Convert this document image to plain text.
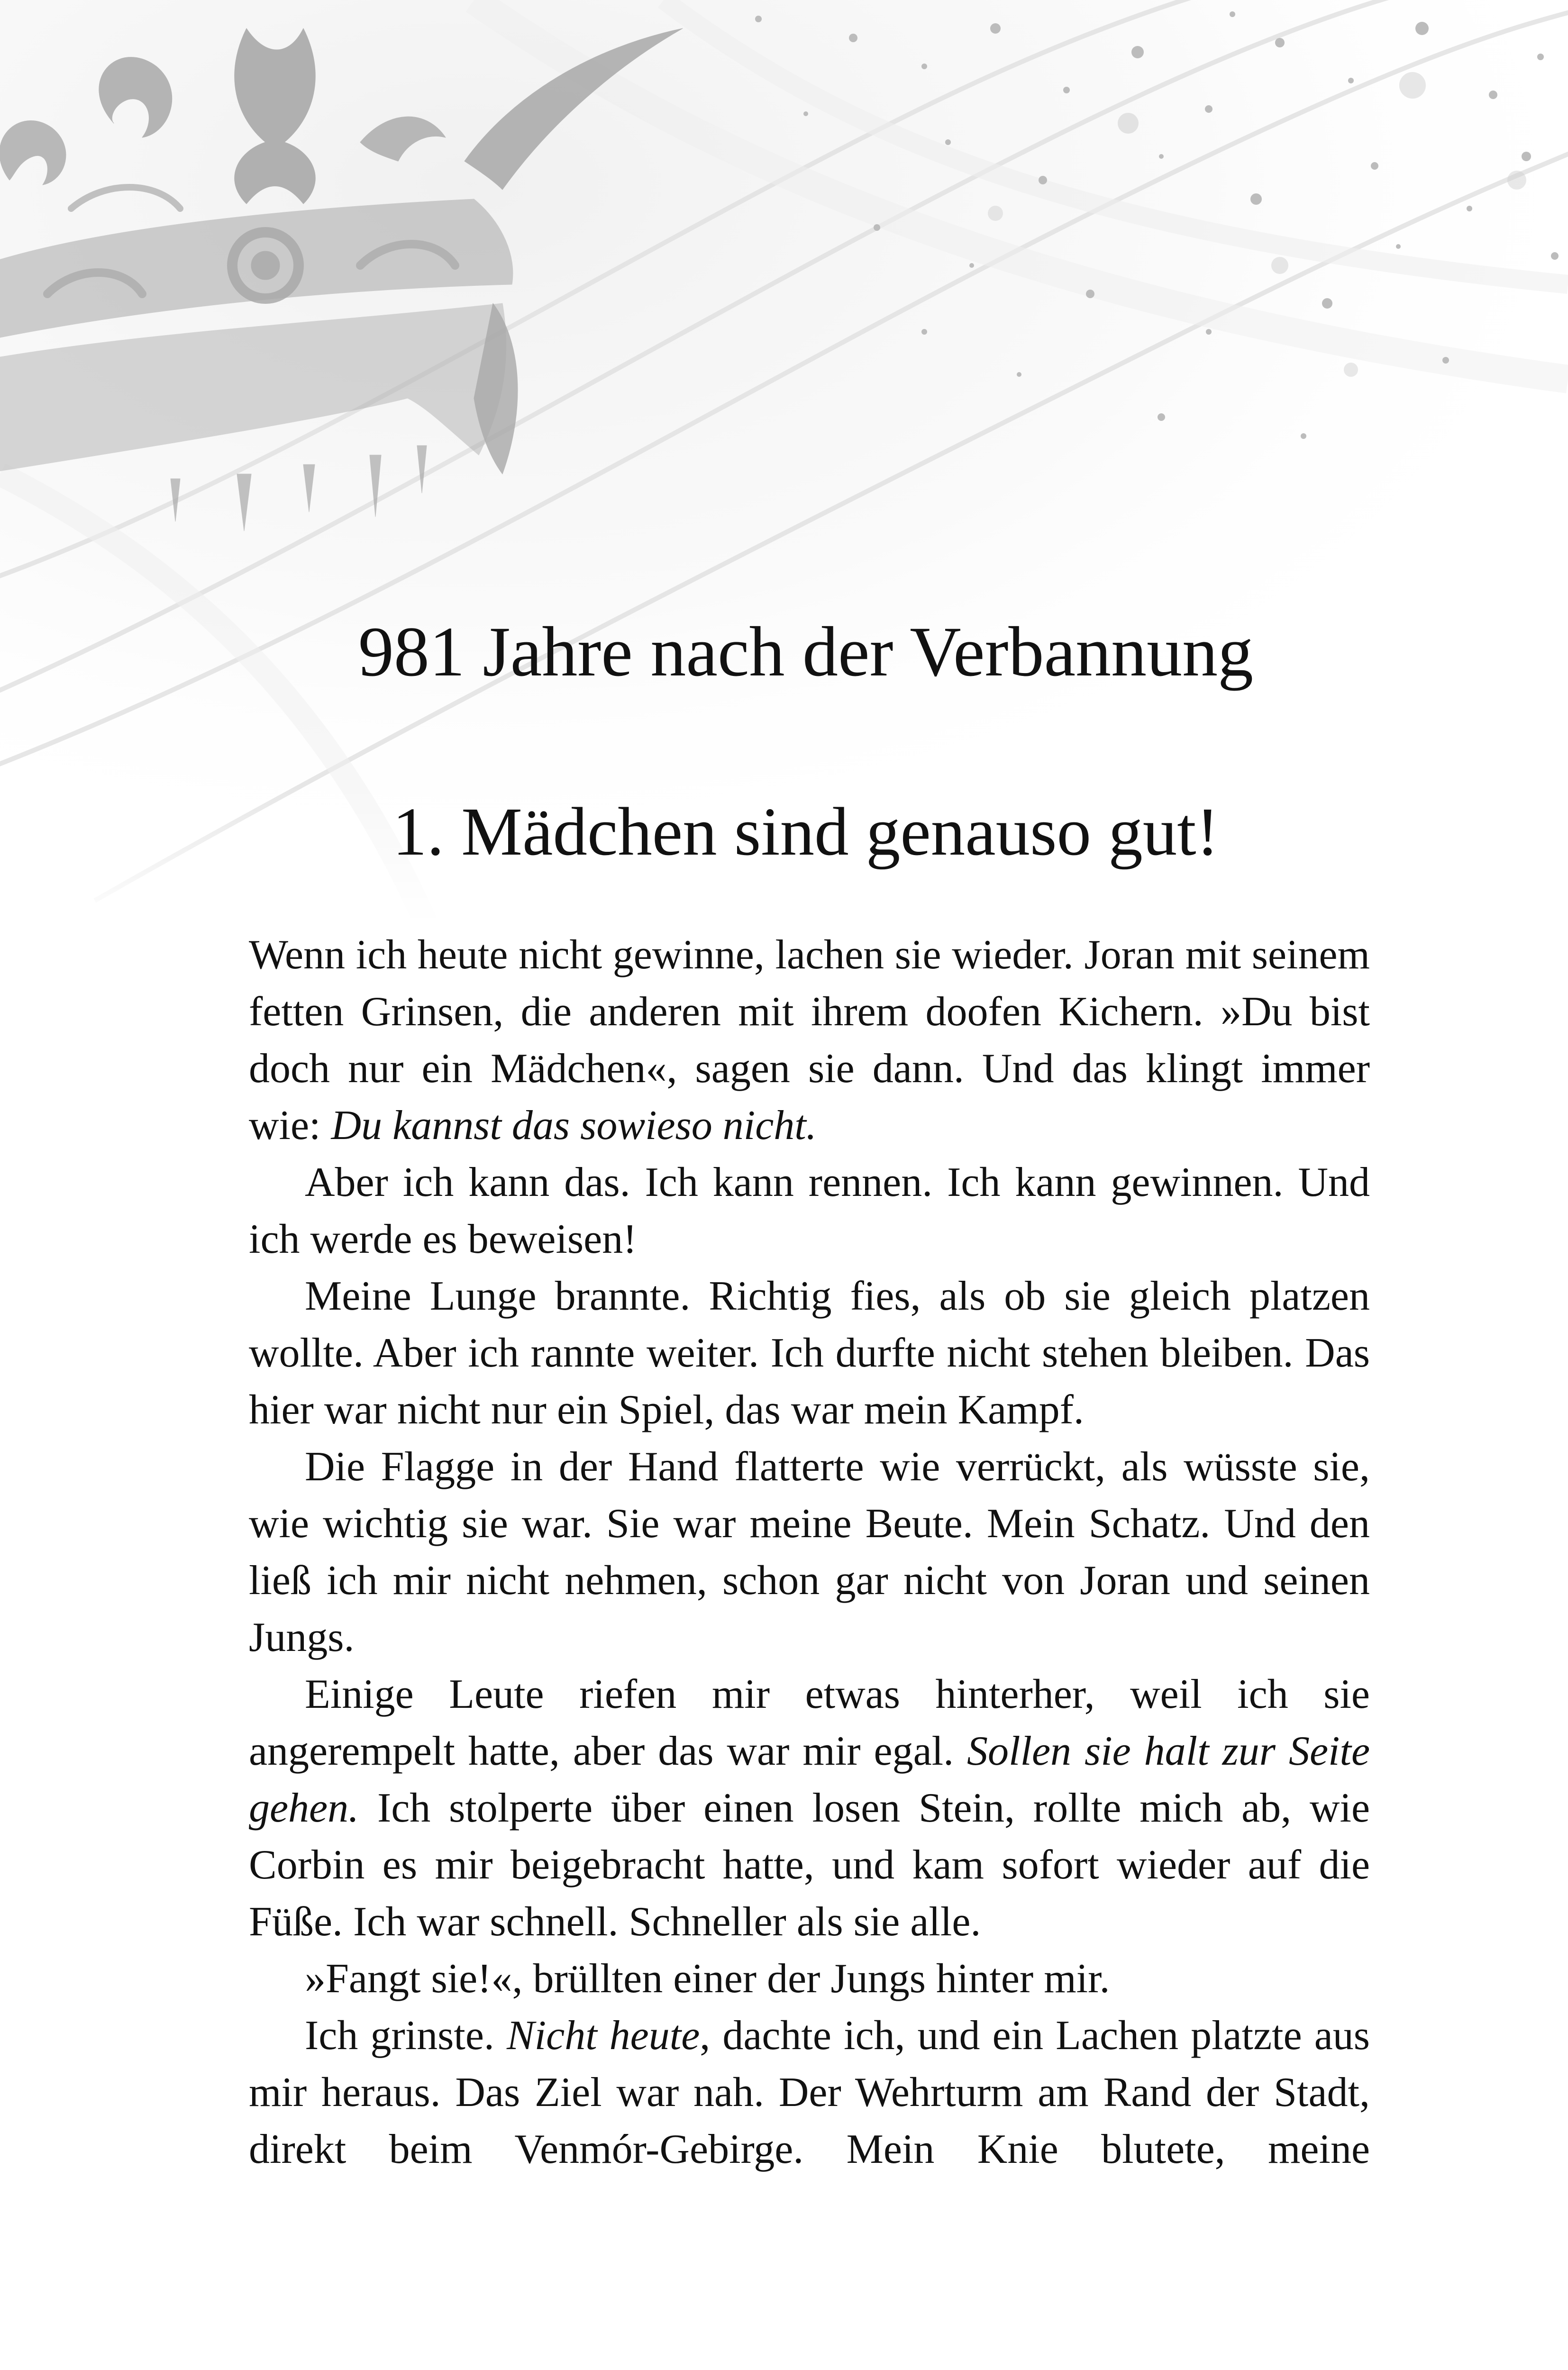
981 Jahre nach der Verbannung
1. Mädchen sind genauso gut!

Wenn ich heute nicht gewinne, lachen sie wieder. Joran mit seinem fetten Grinsen, die anderen mit ihrem doofen Kichern. »Du bist doch nur ein Mädchen«, sagen sie dann. Und das klingt immer wie: Du kannst das sowieso nicht.

Aber ich kann das. Ich kann rennen. Ich kann gewinnen. Und ich werde es beweisen!

Meine Lunge brannte. Richtig fies, als ob sie gleich platzen wollte. Aber ich rannte weiter. Ich durfte nicht stehen bleiben. Das hier war nicht nur ein Spiel, das war mein Kampf.

Die Flagge in der Hand flatterte wie verrückt, als wüsste sie, wie wichtig sie war. Sie war meine Beute. Mein Schatz. Und den ließ ich mir nicht nehmen, schon gar nicht von Joran und seinen Jungs.

Einige Leute riefen mir etwas hinterher, weil ich sie angerempelt hatte, aber das war mir egal. Sollen sie halt zur Seite gehen. Ich stolperte über einen losen Stein, rollte mich ab, wie Corbin es mir beigebracht hatte, und kam sofort wieder auf die Füße. Ich war schnell. Schneller als sie alle.

»Fangt sie!«, brüllten einer der Jungs hinter mir.

Ich grinste. Nicht heute, dachte ich, und ein Lachen platzte aus mir heraus. Das Ziel war nah. Der Wehrturm am Rand der Stadt, direkt beim Venmór-Gebirge. Mein Knie blutete, meine
